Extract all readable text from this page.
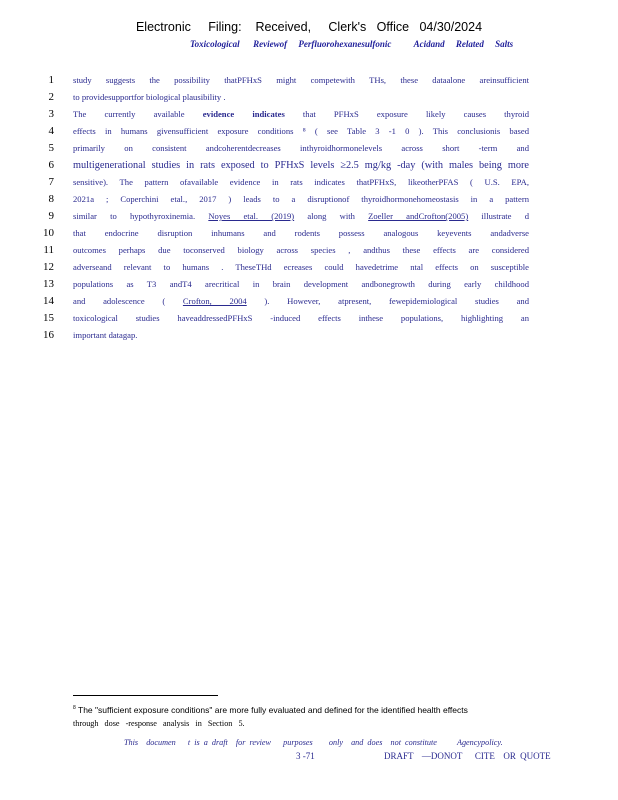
Electronic     Filing:    Received,     Clerk's   Office   04/30/2024
Toxicological      Reviewof     Perfluorohexanesulfonic          Acidand     Related     Salts
1 study suggests the possibility thatPFHxS might competewith THs, these dataalone areinsufficient
2 to providesupportfor biological plausibility .
3 The currently available evidence indicates that PFHxS exposure likely causes thyroid
4 effects in humans givensufficient exposure conditions ⁸ ( see Table 3 -1 0 ). This conclusionis based
5 primarily on consistent andcoherentdecreases inthyroidhormonelevels across short -term and
6 multigenerational studies in rats exposed to PFHxS levels ≥2.5 mg/kg -day (with males being more
7 sensitive). The pattern ofavailable evidence in rats indicates thatPFHxS, likeotherPFAS ( U.S. EPA,
8 2021a ; Coperchini etal., 2017 ) leads to a disruptionof thyroidhormonehomeostasis in a pattern
9 similar to hypothyroxinemia. Noyes etal. (2019) along with Zoeller andCrofton(2005) illustrate d
10 that endocrine disruption inhumans and rodents possess analogous keyevents andadverse
11 outcomes perhaps due toconserved biology across species , andthus these effects are considered
12 adverseand relevant to humans . TheseTHd ecreases could havedetrime ntal effects on susceptible
13 populations as T3 andT4 arecritical in brain development andbonegrowth during early childhood
14 and adolescence ( Crofton, 2004 ). However, atpresent, fewepidemiological studies and
15 toxicological studies haveaddressedPFHxS -induced effects inthese populations, highlighting an
16 important datagap.
$^8$ The "sufficient exposure conditions" are more fully evaluated and defined for the identified health effects
through dose -response analysis in Section 5.
This  documen   t is a draft  for review   purposes    only  and does  not constitute     Agencypolicy.
3 -71	DRAFT  —DONOT   CITE  OR QUOTE
